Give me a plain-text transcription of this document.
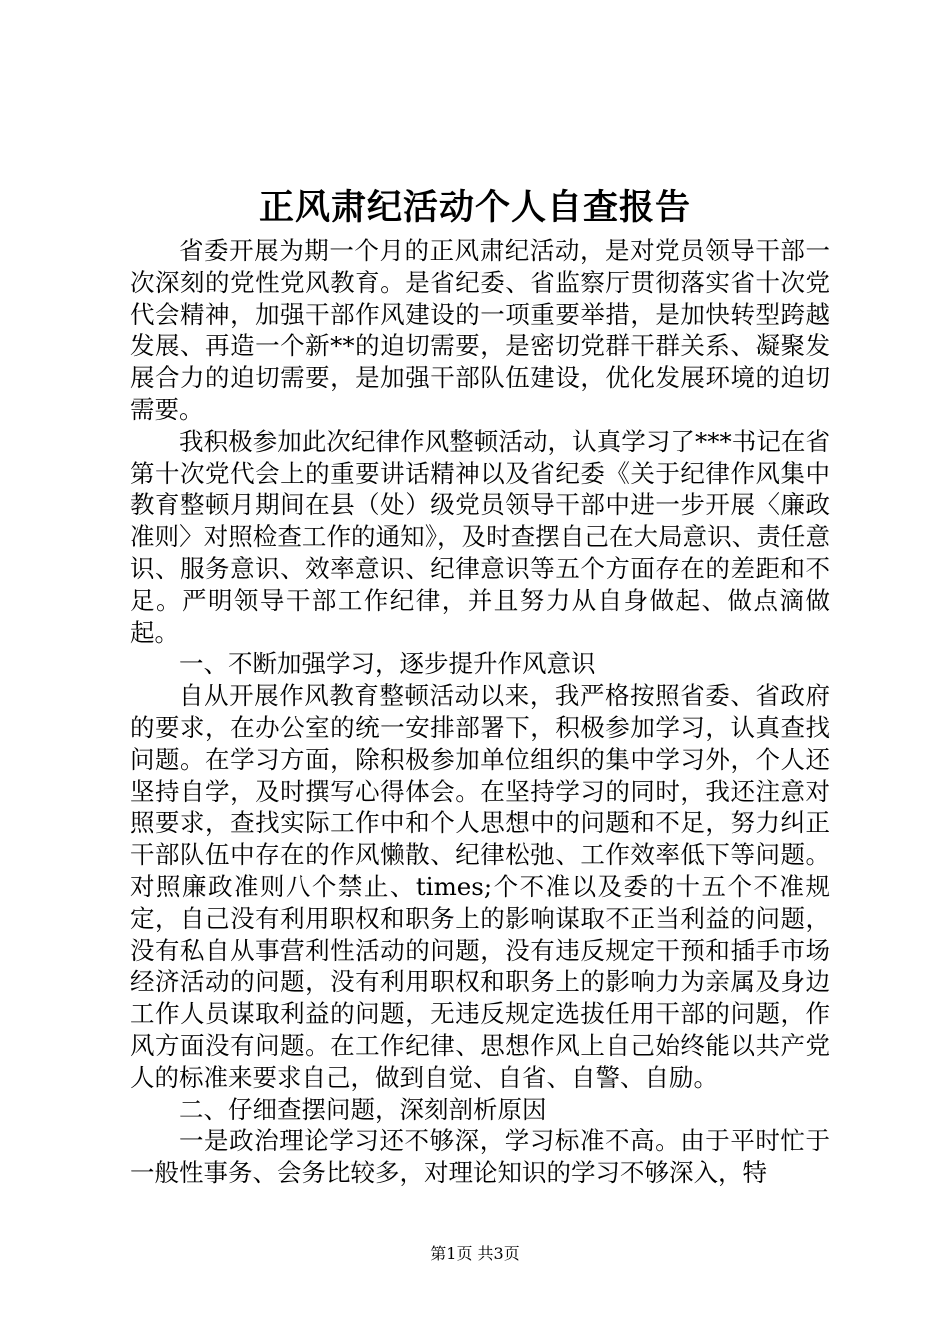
正风肃纪活动个人自查报告

省委开展为期一个月的正风肃纪活动，是对党员领导干部一次深刻的党性党风教育。是省纪委、省监察厅贯彻落实省十次党代会精神，加强干部作风建设的一项重要举措，是加快转型跨越发展、再造一个新**的迫切需要，是密切党群干群关系、凝聚发展合力的迫切需要，是加强干部队伍建设，优化发展环境的迫切需要。

我积极参加此次纪律作风整顿活动，认真学习了***书记在省第十次党代会上的重要讲话精神以及省纪委《关于纪律作风集中教育整顿月期间在县（处）级党员领导干部中进一步开展〈廉政准则〉对照检查工作的通知》，及时查摆自己在大局意识、责任意识、服务意识、效率意识、纪律意识等五个方面存在的差距和不足。严明领导干部工作纪律，并且努力从自身做起、做点滴做起。

一、不断加强学习，逐步提升作风意识

自从开展作风教育整顿活动以来，我严格按照省委、省政府的要求，在办公室的统一安排部署下，积极参加学习，认真查找问题。在学习方面，除积极参加单位组织的集中学习外，个人还坚持自学，及时撰写心得体会。在坚持学习的同时，我还注意对照要求，查找实际工作中和个人思想中的问题和不足，努力纠正干部队伍中存在的作风懒散、纪律松弛、工作效率低下等问题。对照廉政准则八个禁止、times;个不准以及委的十五个不准规定，自己没有利用职权和职务上的影响谋取不正当利益的问题，没有私自从事营利性活动的问题，没有违反规定干预和插手市场经济活动的问题，没有利用职权和职务上的影响力为亲属及身边工作人员谋取利益的问题，无违反规定选拔任用干部的问题，作风方面没有问题。在工作纪律、思想作风上自己始终能以共产党人的标准来要求自己，做到自觉、自省、自警、自励。

二、仔细查摆问题，深刻剖析原因

一是政治理论学习还不够深，学习标准不高。由于平时忙于一般性事务、会务比较多，对理论知识的学习不够深入，特

第1页 共3页
